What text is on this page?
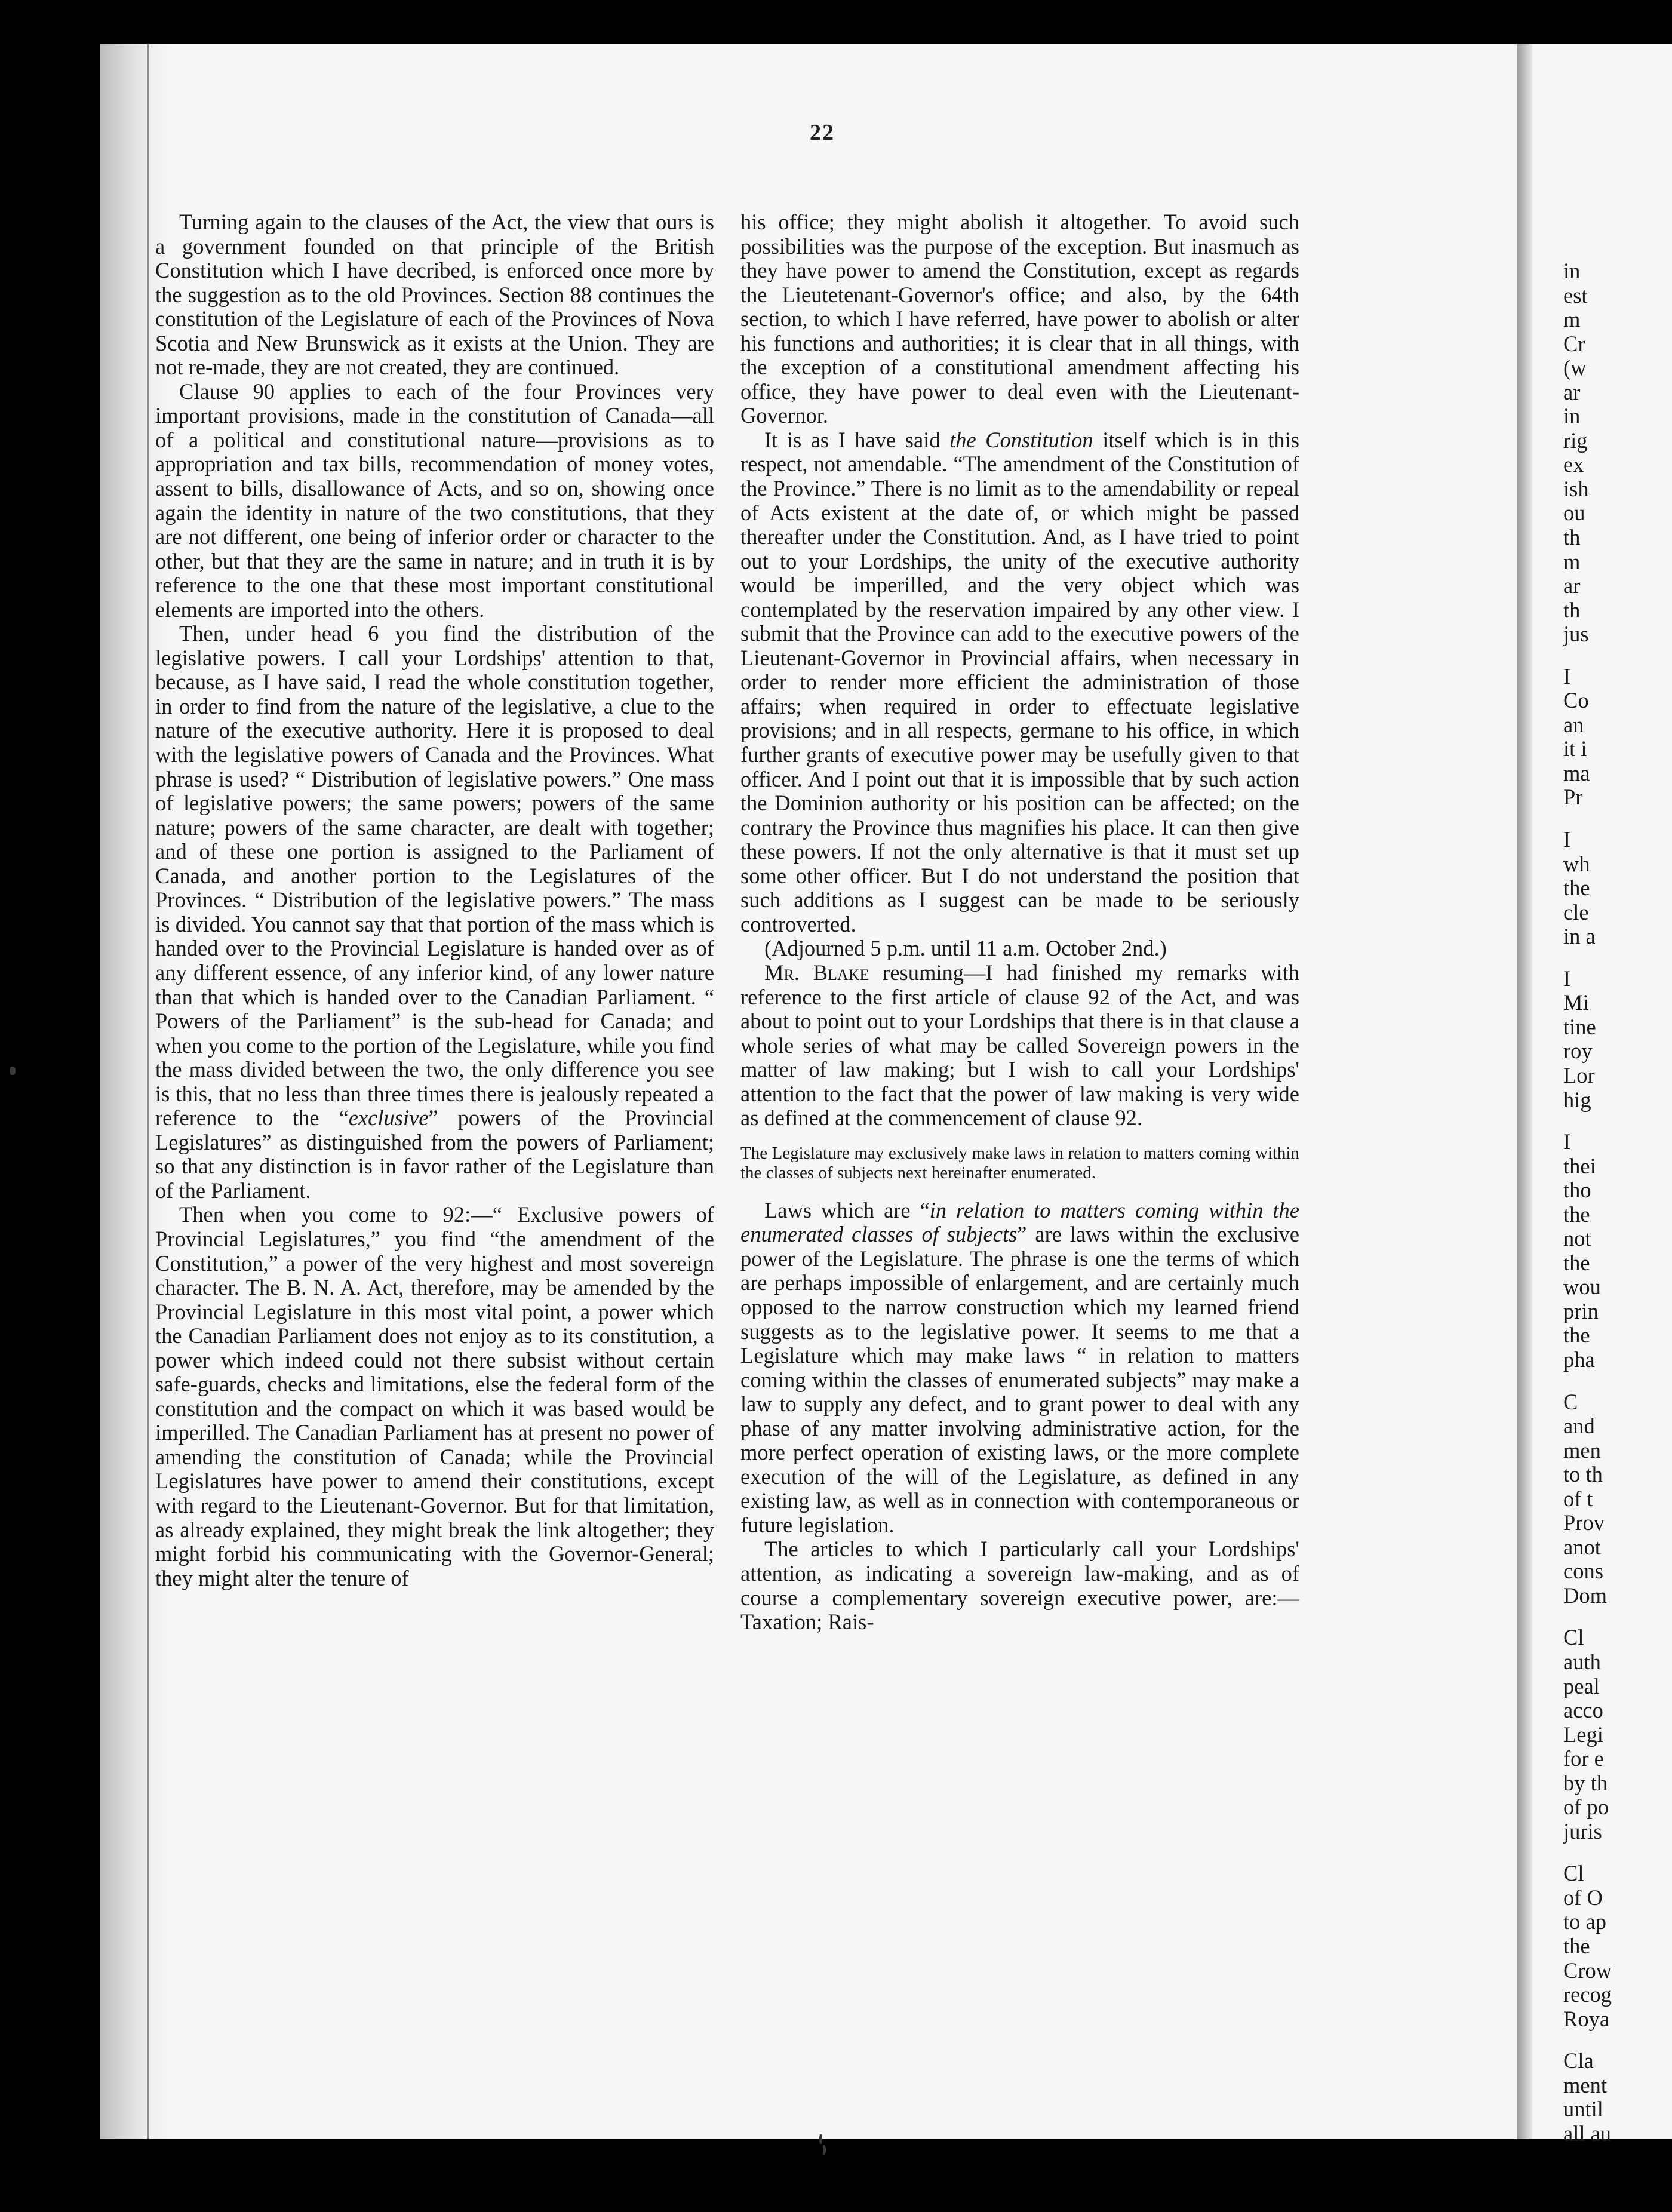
22

Turning again to the clauses of the Act, the view that ours is a government founded on that principle of the British Constitution which I have decribed, is enforced once more by the suggestion as to the old Provinces. Section 88 continues the constitution of the Legislature of each of the Provinces of Nova Scotia and New Brunswick as it exists at the Union. They are not re-made, they are not created, they are continued.

Clause 90 applies to each of the four Provinces very important provisions, made in the constitution of Canada—all of a political and constitutional nature—provisions as to appropriation and tax bills, recommendation of money votes, assent to bills, disallowance of Acts, and so on, showing once again the identity in nature of the two constitutions, that they are not different, one being of inferior order or character to the other, but that they are the same in nature; and in truth it is by reference to the one that these most important constitutional elements are imported into the others.

Then, under head 6 you find the distribution of the legislative powers. I call your Lordships' attention to that, because, as I have said, I read the whole constitution together, in order to find from the nature of the legislative, a clue to the nature of the executive authority. Here it is proposed to deal with the legislative powers of Canada and the Provinces. What phrase is used? “ Distribution of legislative powers.” One mass of legislative powers; the same powers; powers of the same nature; powers of the same character, are dealt with together; and of these one portion is assigned to the Parliament of Canada, and another portion to the Legislatures of the Provinces. “ Distribution of the legislative powers.” The mass is divided. You cannot say that that portion of the mass which is handed over to the Provincial Legislature is handed over as of any different essence, of any inferior kind, of any lower nature than that which is handed over to the Canadian Parliament. “ Powers of the Parliament” is the sub-head for Canada; and when you come to the portion of the Legislature, while you find the mass divided between the two, the only difference you see is this, that no less than three times there is jealously repeated a reference to the “exclusive” powers of the Provincial Legislatures” as distinguished from the powers of Parliament; so that any distinction is in favor rather of the Legislature than of the Parliament.

Then when you come to 92:—“ Exclusive powers of Provincial Legislatures,” you find “the amendment of the Constitution,” a power of the very highest and most sovereign character. The B. N. A. Act, therefore, may be amended by the Provincial Legislature in this most vital point, a power which the Canadian Parliament does not enjoy as to its constitution, a power which indeed could not there subsist without certain safe-guards, checks and limitations, else the federal form of the constitution and the compact on which it was based would be imperilled. The Canadian Parliament has at present no power of amending the constitution of Canada; while the Provincial Legislatures have power to amend their constitutions, except with regard to the Lieutenant-Governor. But for that limitation, as already explained, they might break the link altogether; they might forbid his communicating with the Governor-General; they might alter the tenure of

his office; they might abolish it altogether. To avoid such possibilities was the purpose of the exception. But inasmuch as they have power to amend the Constitution, except as regards the Lieutetenant-Governor's office; and also, by the 64th section, to which I have referred, have power to abolish or alter his functions and authorities; it is clear that in all things, with the exception of a constitutional amendment affecting his office, they have power to deal even with the Lieutenant-Governor.

It is as I have said the Constitution itself which is in this respect, not amendable. “The amendment of the Constitution of the Province.” There is no limit as to the amendability or repeal of Acts existent at the date of, or which might be passed thereafter under the Constitution. And, as I have tried to point out to your Lordships, the unity of the executive authority would be imperilled, and the very object which was contemplated by the reservation impaired by any other view. I submit that the Province can add to the executive powers of the Lieutenant-Governor in Provincial affairs, when necessary in order to render more efficient the administration of those affairs; when required in order to effectuate legislative provisions; and in all respects, germane to his office, in which further grants of executive power may be usefully given to that officer. And I point out that it is impossible that by such action the Dominion authority or his position can be affected; on the contrary the Province thus magnifies his place. It can then give these powers. If not the only alternative is that it must set up some other officer. But I do not understand the position that such additions as I suggest can be made to be seriously controverted.

(Adjourned 5 p.m. until 11 a.m. October 2nd.)

Mr. Blake resuming—I had finished my remarks with reference to the first article of clause 92 of the Act, and was about to point out to your Lordships that there is in that clause a whole series of what may be called Sovereign powers in the matter of law making; but I wish to call your Lordships' attention to the fact that the power of law making is very wide as defined at the commencement of clause 92.

The Legislature may exclusively make laws in relation to matters coming within the classes of subjects next hereinafter enumerated.

Laws which are “in relation to matters coming within the enumerated classes of subjects” are laws within the exclusive power of the Legislature. The phrase is one the terms of which are perhaps impossible of enlargement, and are certainly much opposed to the narrow construction which my learned friend suggests as to the legislative power. It seems to me that a Legislature which may make laws “ in relation to matters coming within the classes of enumerated subjects” may make a law to supply any defect, and to grant power to deal with any phase of any matter involving administrative action, for the more perfect operation of existing laws, or the more complete execution of the will of the Legislature, as defined in any existing law, as well as in connection with contemporaneous or future legislation.

The articles to which I particularly call your Lordships' attention, as indicating a sovereign law-making, and as of course a complementary sovereign executive power, are:—Taxation; Rais-

in
est
m
Cr
(w
ar
in
rig
ex
ish
ou
th
m
ar
th
jus
I
Co
an
it i
ma
Pr
I
wh
the
cle
in a
I
Mi
tine
roy
Lor
hig
I
thei
tho
the
not
the
wou
prin
the
pha
C
and
men
to th
of t
Prov
anot
cons
Dom
Cl
auth
peal
acco
Legi
for e
by th
of po
juris
Cl
of O
to ap
the
Crow
recog
Roya
Cla
ment
until
all au
